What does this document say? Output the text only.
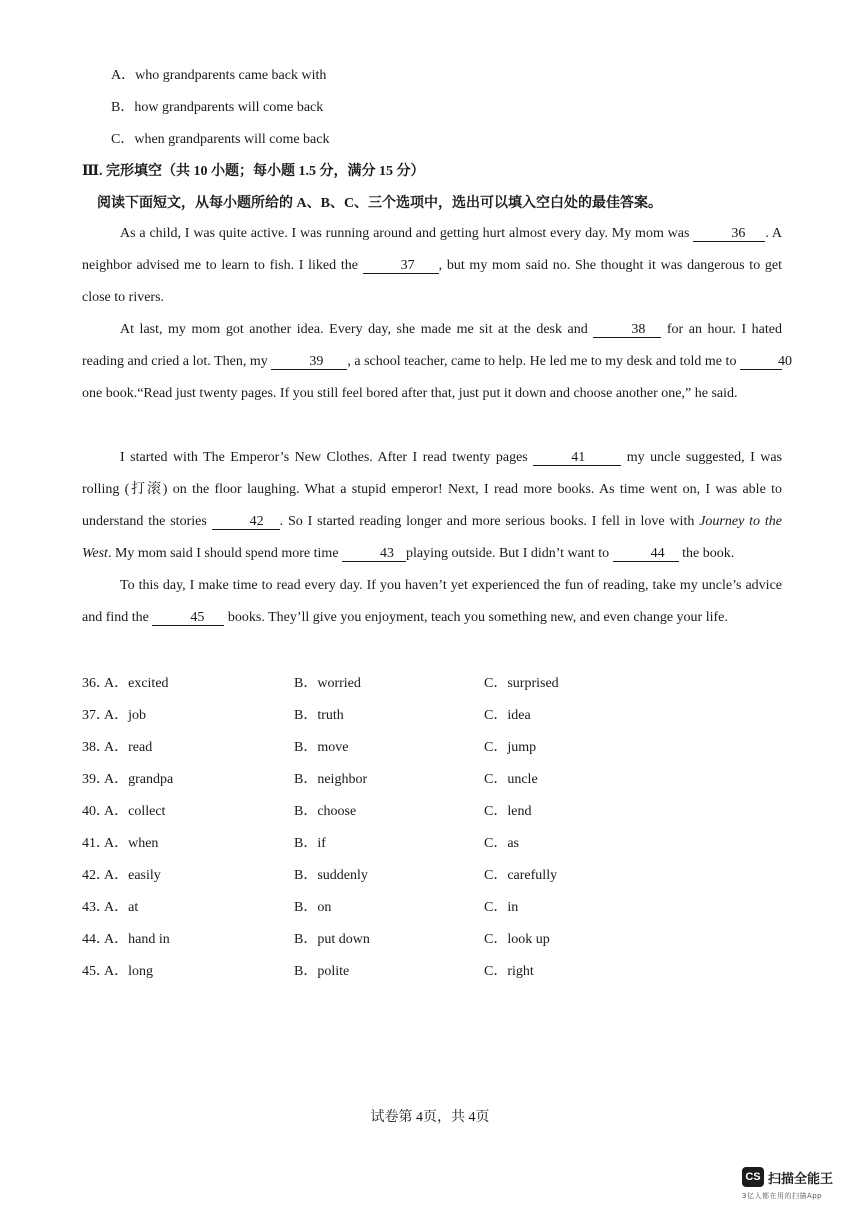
A．who grandparents came back with
B．how grandparents will come back
C．when grandparents will come back
Ⅲ. 完形填空（共 10 小题；每小题 1.5 分，满分 15 分）
阅读下面短文，从每小题所给的 A、B、C、三个选项中，选出可以填入空白处的最佳答案。
As a child, I was quite active. I was running around and getting hurt almost every day. My mom was	36 . A neighbor advised me to learn to fish. I liked the	37 , but my mom said no. She thought it was dangerous to get close to rivers.
At last, my mom got another idea. Every day, she made me sit at the desk and	38 for an hour. I hated reading and cried a lot. Then, my	39 , a school teacher, came to help. He led me to my desk and told me to	40 one book.“Read just twenty pages. If you still feel bored after that, just put it down and choose another one,” he said.
I started with The Emperor’s New Clothes. After I read twenty pages	41	my uncle suggested, I was rolling (打滚) on the floor laughing. What a stupid emperor! Next, I read more books. As time went on, I was able to understand the stories	42 . So I started reading longer and more serious books. I fell in love with Journey to the West. My mom said I should spend more time	43 playing outside. But I didn’t want to	44 the book.
To this day, I make time to read every day. If you haven’t yet experienced the fun of reading, take my uncle’s advice and find the	45 books. They’ll give you enjoyment, teach you something new, and even change your life.
36．
A．excited	B．worried	C．surprised
37．
A．job	B．truth	C．idea
38．
A．read	B．move	C．jump
39．
A．grandpa	B．neighbor	C．uncle
40．
A．collect	B．choose	C．lend
41．
A．when	B．if	C．as
42．
A．easily	B．suddenly	C．carefully
43．
A．at	B．on	C．in
44．
A．hand in	B．put down	C．look up
45．
A．long	B．polite	C．right
试卷第 4页，共 4页
CS 扫描全能王
3亿人都在用的扫描App
